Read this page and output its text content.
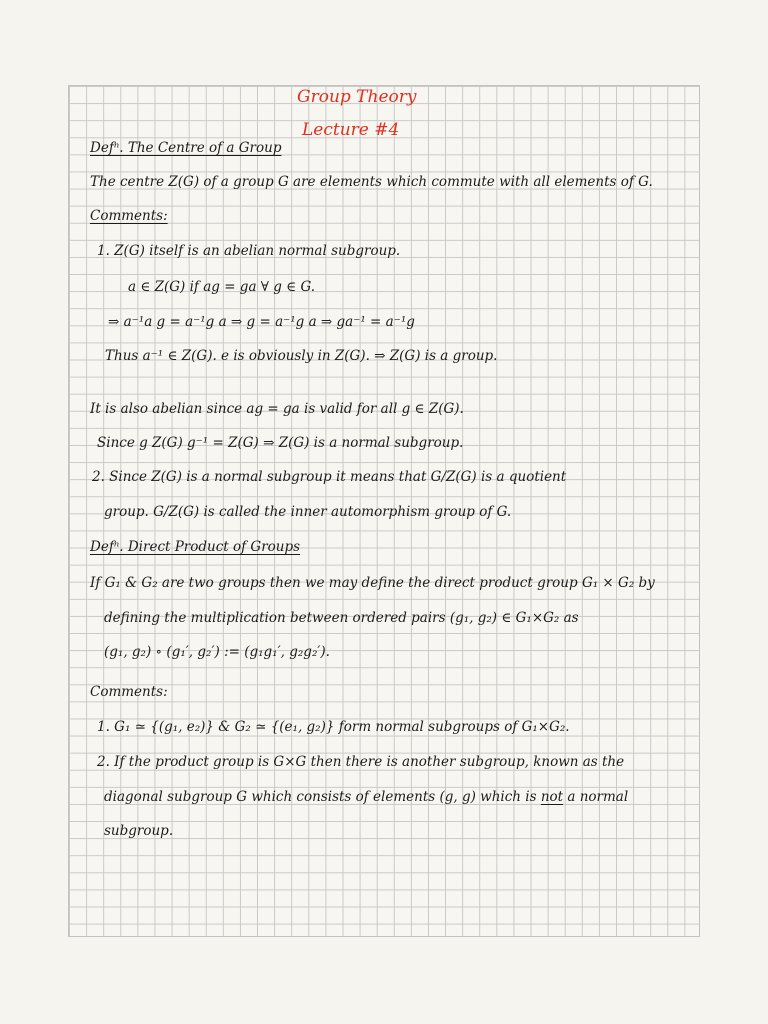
Group Theory
Lecture #4
Defⁿ. The Centre of a Group
The centre Z(G) of a group G are elements which commute with all elements of G.
Comments:
1. Z(G) itself is an abelian normal subgroup.
a ∈ Z(G) if ag = ga ∀ g ∈ G.
⇒ a⁻¹a g = a⁻¹g a ⇒ g = a⁻¹g a ⇒ ga⁻¹ = a⁻¹g
Thus a⁻¹ ∈ Z(G). e is obviously in Z(G). ⇒ Z(G) is a group.
It is also abelian since ag = ga is valid for all g ∈ Z(G).
Since g Z(G) g⁻¹ = Z(G) ⇒ Z(G) is a normal subgroup.
2. Since Z(G) is a normal subgroup it means that G/Z(G) is a quotient
group. G/Z(G) is called the inner automorphism group of G.
Defⁿ. Direct Product of Groups
If G₁ & G₂ are two groups then we may define the direct product group G₁ × G₂ by
defining the multiplication between ordered pairs (g₁, g₂) ∈ G₁×G₂ as
(g₁, g₂) ∘ (g₁′, g₂′) := (g₁g₁′, g₂g₂′).
Comments:
1. G₁ ≃ {(g₁, e₂)} & G₂ ≃ {(e₁, g₂)} form normal subgroups of G₁×G₂.
2. If the product group is G×G then there is another subgroup, known as the
diagonal subgroup G which consists of elements (g, g) which is not a normal
subgroup.
